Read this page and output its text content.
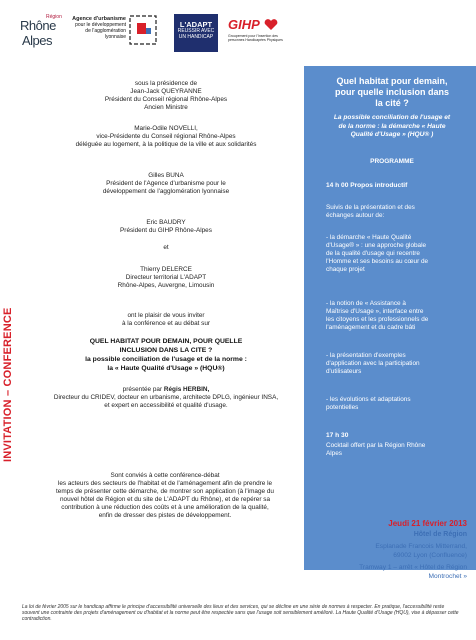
Région
Rhône
Alpes
Agence d'urbanisme
pour le développement de l'agglomération lyonnaise
L'ADAPT
REUSSIR AVEC UN HANDICAP
GIHP
Groupement pour l'Insertion des personnes Handicapées Physiques
INVITATION – CONFERENCE
sous la présidence de
Jean-Jack QUEYRANNE
Président du Conseil régional Rhône-Alpes
Ancien Ministre
Marie-Odile NOVELLI,
vice-Présidente du Conseil régional Rhône-Alpes
déléguée au logement, à la politique de la ville et aux solidarités
Gilles BUNA
Président de l'Agence d'urbanisme pour le
développement de l'agglomération lyonnaise
Eric BAUDRY
Président du GIHP Rhône-Alpes
et
Thierry DELERCE
Directeur territorial L'ADAPT
Rhône-Alpes, Auvergne, Limousin
ont le plaisir de vous inviter
à la conférence et au débat sur
QUEL HABITAT POUR DEMAIN, POUR QUELLE
INCLUSION DANS LA CITE ?
la possible conciliation de l'usage et de la norme :
la « Haute Qualité d'Usage » (HQU®)
présentée par Régis HERBIN,
Directeur du CRIDEV, docteur en urbanisme, architecte DPLG, ingénieur INSA,
et expert en accessibilité et qualité d'usage.
Sont conviés à cette conférence-débat
les acteurs des secteurs de l'habitat et de l'aménagement afin de prendre le
temps de présenter cette démarche, de montrer son application (à l'image du
nouvel hôtel de Région et du site de L'ADAPT du Rhône), et de repérer sa
contribution à une réduction des coûts et à une amélioration de la qualité,
enfin de dresser des pistes de développement.
Quel habitat pour demain,
pour quelle inclusion dans
la cité ?
La possible conciliation de l'usage et
de la norme : la démarche « Haute
Qualité d'Usage » (HQU® )
PROGRAMME
14 h 00 Propos introductif
Suivis de la présentation et des
échanges autour de:
- la démarche « Haute Qualité
d'Usage® » : une approche globale
de la qualité d'usage qui recentre
l'Homme et ses besoins au cœur de
chaque projet
- la notion de « Assistance à
Maîtrise d'Usage », interface entre
les citoyens et les professionnels de
l'aménagement et du cadre bâti
- la présentation d'exemples
d'application avec la participation
d'utilisateurs
- les évolutions et adaptations
potentielles
17 h 30
Cocktail offert par la Région Rhône
Alpes
Jeudi 21 février 2013
Hôtel de Région
Esplanade Francois Mitterrand,
69002 Lyon (Confluence)
Tramway 1 – arrêt « Hôtel de Région
Montrochet »
La loi de février 2005 sur le handicap affirme le principe d'accessibilité universelle des lieux et des services, qui se décline en une série de normes à respecter. En pratique, l'accessibilité reste souvent une contrainte des projets d'aménagement ou d'habitat et la norme peut être respectée sans que l'usage soit sensiblement amélioré. La Haute Qualité d'Usage (HQU), vise à dépasser cette contradiction.
